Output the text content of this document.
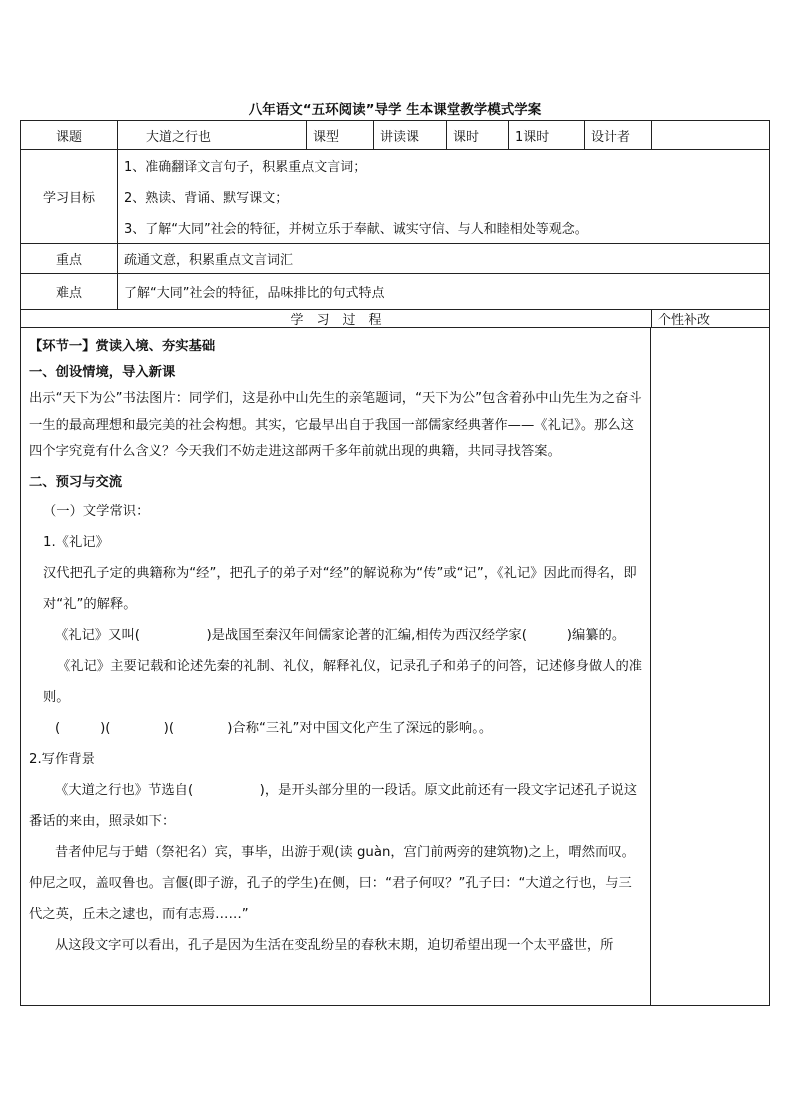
八年语文“五环阅读”导学 生本课堂教学模式学案
课题	大道之行也	课型	讲读课	课时	1课时	设计者
学习目标
1、准确翻译文言句子，积累重点文言词；
2、熟读、背诵、默写课文；
3、了解“大同”社会的特征，并树立乐于奉献、诚实守信、与人和睦相处等观念。
重点	疏通文意，积累重点文言词汇
难点	了解“大同”社会的特征，品味排比的句式特点
学　习　过　程	个性补改

【环节一】赏读入境、夯实基础

一、创设情境，导入新课

出示“天下为公”书法图片：同学们，这是孙中山先生的亲笔题词，“天下为公”包含着孙中山先生为之奋斗一生的最高理想和最完美的社会构想。其实，它最早出自于我国一部儒家经典著作——《礼记》。那么这四个字究竟有什么含义？今天我们不妨走进这部两千多年前就出现的典籍，共同寻找答案。

二、预习与交流

（一）文学常识：

1.《礼记》

汉代把孔子定的典籍称为“经”，把孔子的弟子对“经”的解说称为“传”或“记”，《礼记》因此而得名，即对“礼”的解释。

《礼记》又叫(　　　　　)是战国至秦汉年间儒家论著的汇编,相传为西汉经学家(　　　)编纂的。

《礼记》主要记载和论述先秦的礼制、礼仪，解释礼仪，记录孔子和弟子的问答，记述修身做人的准则。

(　　　)(　　　　)(　　　　)合称“三礼”对中国文化产生了深远的影响。。

2.写作背景

《大道之行也》节选自(　　　　　)，是开头部分里的一段话。原文此前还有一段文字记述孔子说这番话的来由，照录如下：

昔者仲尼与于蜡（祭祀名）宾，事毕，出游于观(读 guàn，宫门前两旁的建筑物)之上，喟然而叹。仲尼之叹，盖叹鲁也。言偃(即子游，孔子的学生)在侧，曰：“君子何叹？”孔子曰：“大道之行也，与三代之英，丘未之逮也，而有志焉……”

从这段文字可以看出，孔子是因为生活在变乱纷呈的春秋末期，迫切希望出现一个太平盛世，所
